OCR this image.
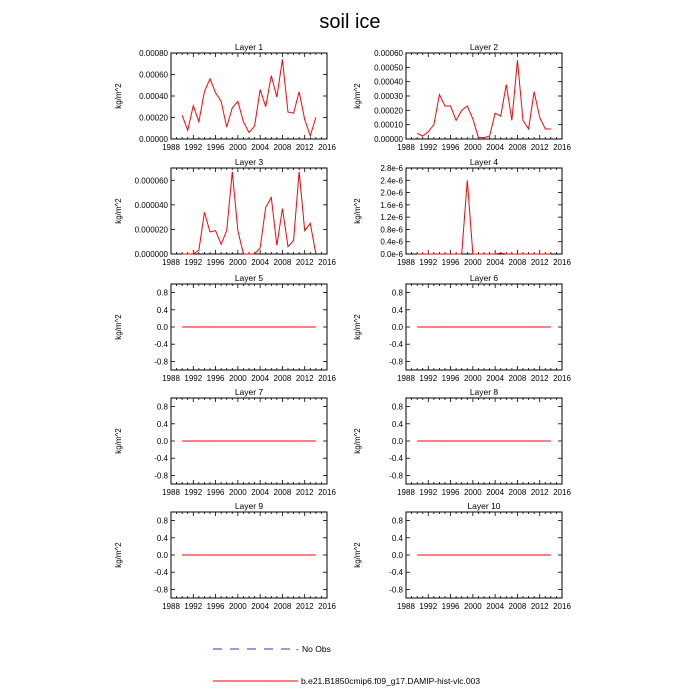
soil ice
Layer 1
1988 1992 1996 2000 2004 2008 2012 2016
0.00000
0.00020
0.00040
0.00060
0.00080
kg/m^2
Layer 2
1988 1992 1996 2000 2004 2008 2012 2016
0.00000
0.00010
0.00020
0.00030
0.00040
0.00050
0.00060
kg/m^2
Layer 3
1988 1992 1996 2000 2004 2008 2012 2016
0.000000
0.000020
0.000040
0.000060
kg/m^2
Layer 4
1988 1992 1996 2000 2004 2008 2012 2016
0.0e-6
0.4e-6
0.8e-6
1.2e-6
1.6e-6
2.0e-6
2.4e-6
2.8e-6
kg/m^2
Layer 5
1988 1992 1996 2000 2004 2008 2012 2016
-0.8
-0.4
0.0
0.4
0.8
kg/m^2
Layer 6
1988 1992 1996 2000 2004 2008 2012 2016
-0.8
-0.4
0.0
0.4
0.8
kg/m^2
Layer 7
1988 1992 1996 2000 2004 2008 2012 2016
-0.8
-0.4
0.0
0.4
0.8
kg/m^2
Layer 8
1988 1992 1996 2000 2004 2008 2012 2016
-0.8
-0.4
0.0
0.4
0.8
kg/m^2
Layer 9
1988 1992 1996 2000 2004 2008 2012 2016
-0.8
-0.4
0.0
0.4
0.8
kg/m^2
Layer 10
1988 1992 1996 2000 2004 2008 2012 2016
-0.8
-0.4
0.0
0.4
0.8
kg/m^2
- No Obs
b.e21.B1850cmip6.f09_g17.DAMIP-hist-vlc.003
